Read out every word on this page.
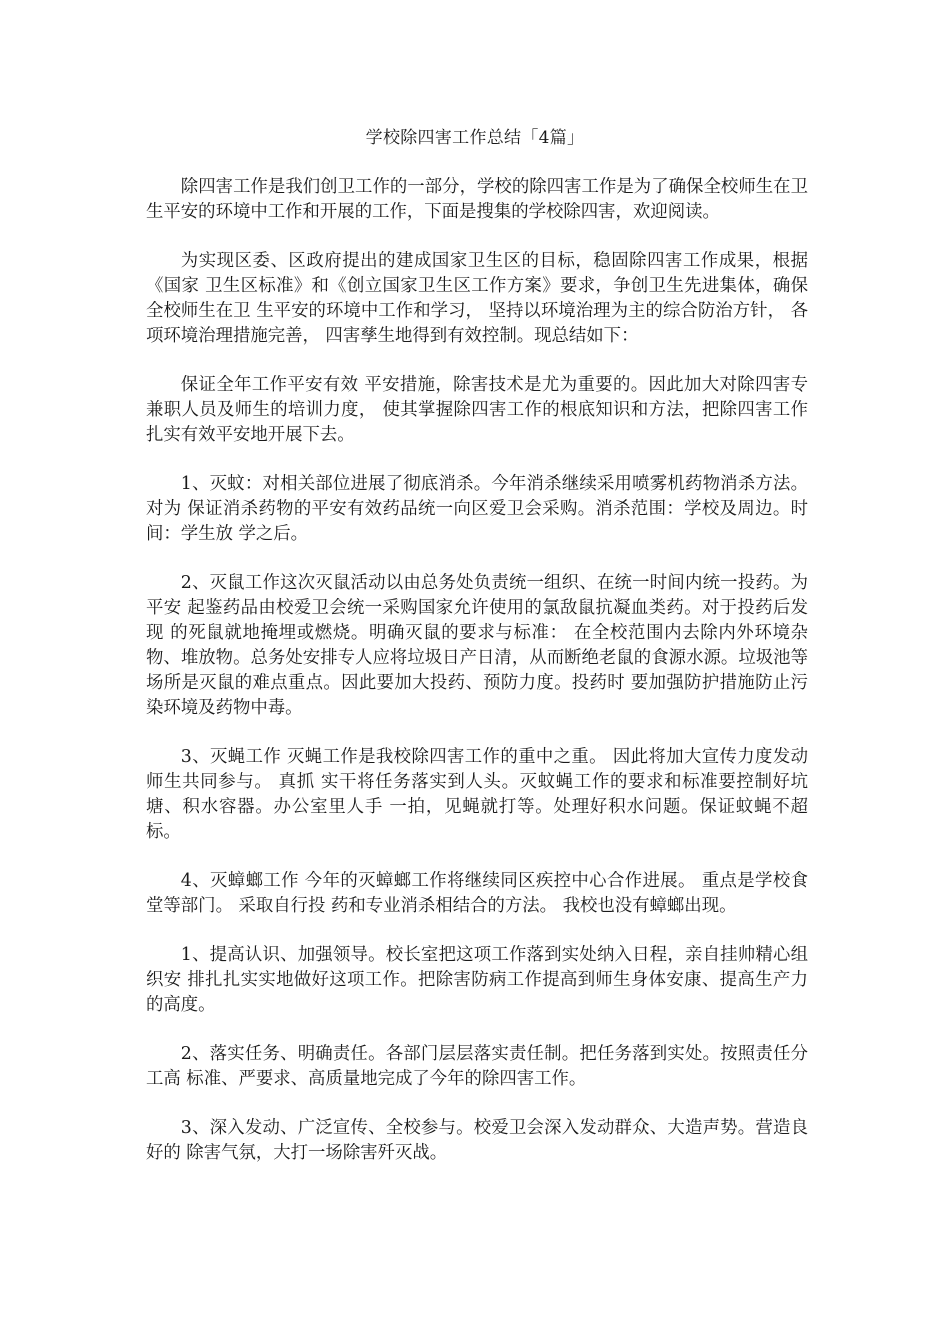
学校除四害工作总结「4篇」

除四害工作是我们创卫工作的一部分，学校的除四害工作是为了确保全校师生在卫生平安的环境中工作和开展的工作，下面是搜集的学校除四害，欢迎阅读。

为实现区委、区政府提出的建成国家卫生区的目标，稳固除四害工作成果，根据《国家 卫生区标准》和《创立国家卫生区工作方案》要求，争创卫生先进集体，确保全校师生在卫 生平安的环境中工作和学习， 坚持以环境治理为主的综合防治方针， 各项环境治理措施完善， 四害孳生地得到有效控制。现总结如下：

保证全年工作平安有效 平安措施，除害技术是尤为重要的。因此加大对除四害专兼职人员及师生的培训力度， 使其掌握除四害工作的根底知识和方法，把除四害工作扎实有效平安地开展下去。

1、灭蚊：对相关部位进展了彻底消杀。今年消杀继续采用喷雾机药物消杀方法。对为 保证消杀药物的平安有效药品统一向区爱卫会采购。消杀范围：学校及周边。时间：学生放 学之后。

2、灭鼠工作这次灭鼠活动以由总务处负责统一组织、在统一时间内统一投药。为平安 起鉴药品由校爱卫会统一采购国家允许使用的氯敌鼠抗凝血类药。对于投药后发现 的死鼠就地掩埋或燃烧。明确灭鼠的要求与标准： 在全校范围内去除内外环境杂物、堆放物。总务处安排专人应将垃圾日产日清，从而断绝老鼠的食源水源。垃圾池等场所是灭鼠的难点重点。因此要加大投药、预防力度。投药时 要加强防护措施防止污染环境及药物中毒。

3、灭蝇工作 灭蝇工作是我校除四害工作的重中之重。 因此将加大宣传力度发动师生共同参与。 真抓 实干将任务落实到人头。灭蚊蝇工作的要求和标准要控制好坑塘、积水容器。办公室里人手 一拍，见蝇就打等。处理好积水问题。保证蚊蝇不超标。

4、灭蟑螂工作 今年的灭蟑螂工作将继续同区疾控中心合作进展。 重点是学校食堂等部门。 采取自行投 药和专业消杀相结合的方法。 我校也没有蟑螂出现。

1、提高认识、加强领导。校长室把这项工作落到实处纳入日程，亲自挂帅精心组织安 排扎扎实实地做好这项工作。把除害防病工作提高到师生身体安康、提高生产力的高度。

2、落实任务、明确责任。各部门层层落实责任制。把任务落到实处。按照责任分工高 标准、严要求、高质量地完成了今年的除四害工作。

3、深入发动、广泛宣传、全校参与。校爱卫会深入发动群众、大造声势。营造良好的 除害气氛，大打一场除害歼灭战。
